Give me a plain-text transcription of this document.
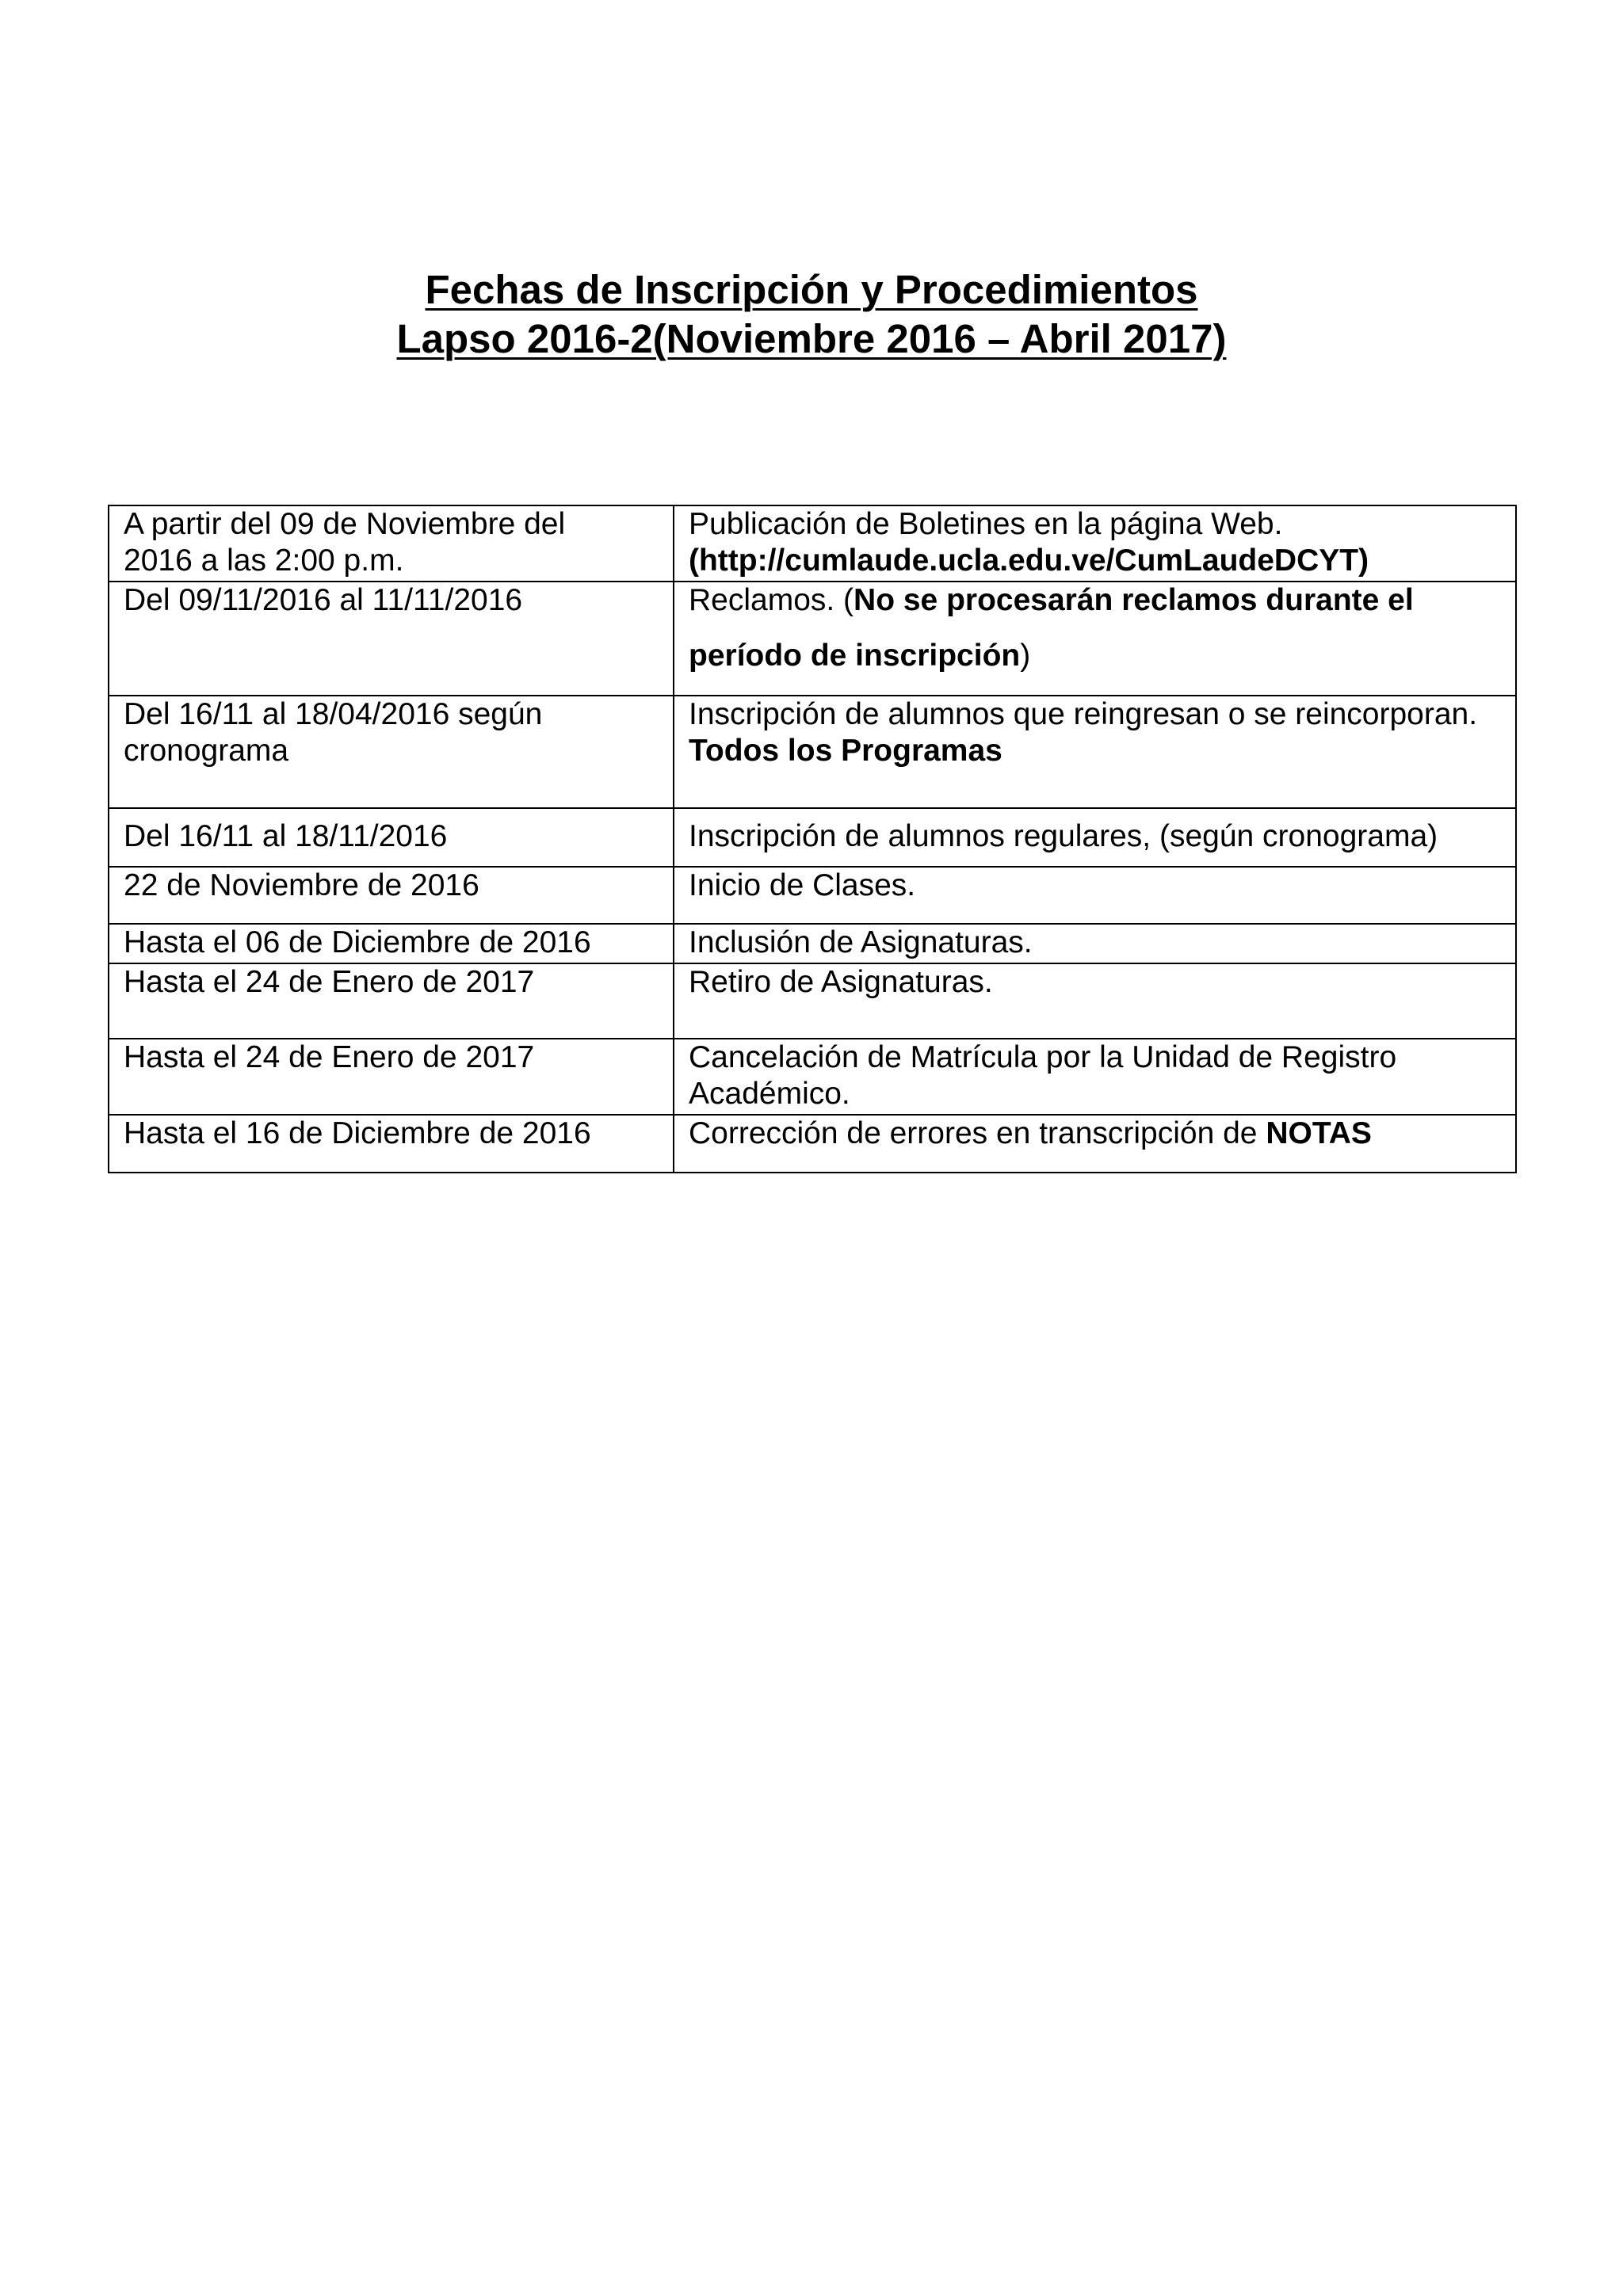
Fechas de Inscripción y Procedimientos
Lapso 2016-2(Noviembre 2016 – Abril 2017)
A partir del 09 de Noviembre del
2016 a las 2:00 p.m.	Publicación de Boletines en la página Web.
(http://cumlaude.ucla.edu.ve/CumLaudeDCYT)

Del 09/11/2016 al 11/11/2016	Reclamos. (No se procesarán reclamos durante el
período de inscripción)

Del 16/11 al 18/04/2016 según
cronograma	Inscripción de alumnos que reingresan o se reincorporan.
Todos los Programas

Del 16/11 al 18/11/2016	Inscripción de alumnos regulares, (según cronograma)
22 de Noviembre de 2016	Inicio de Clases.
Hasta el 06 de Diciembre de 2016	Inclusión de Asignaturas.
Hasta el 24 de Enero de 2017	Retiro de Asignaturas.
Hasta el 24 de Enero de 2017	Cancelación de Matrícula por la Unidad de Registro
Académico.

Hasta el 16 de Diciembre de 2016	Corrección de errores en transcripción de NOTAS
